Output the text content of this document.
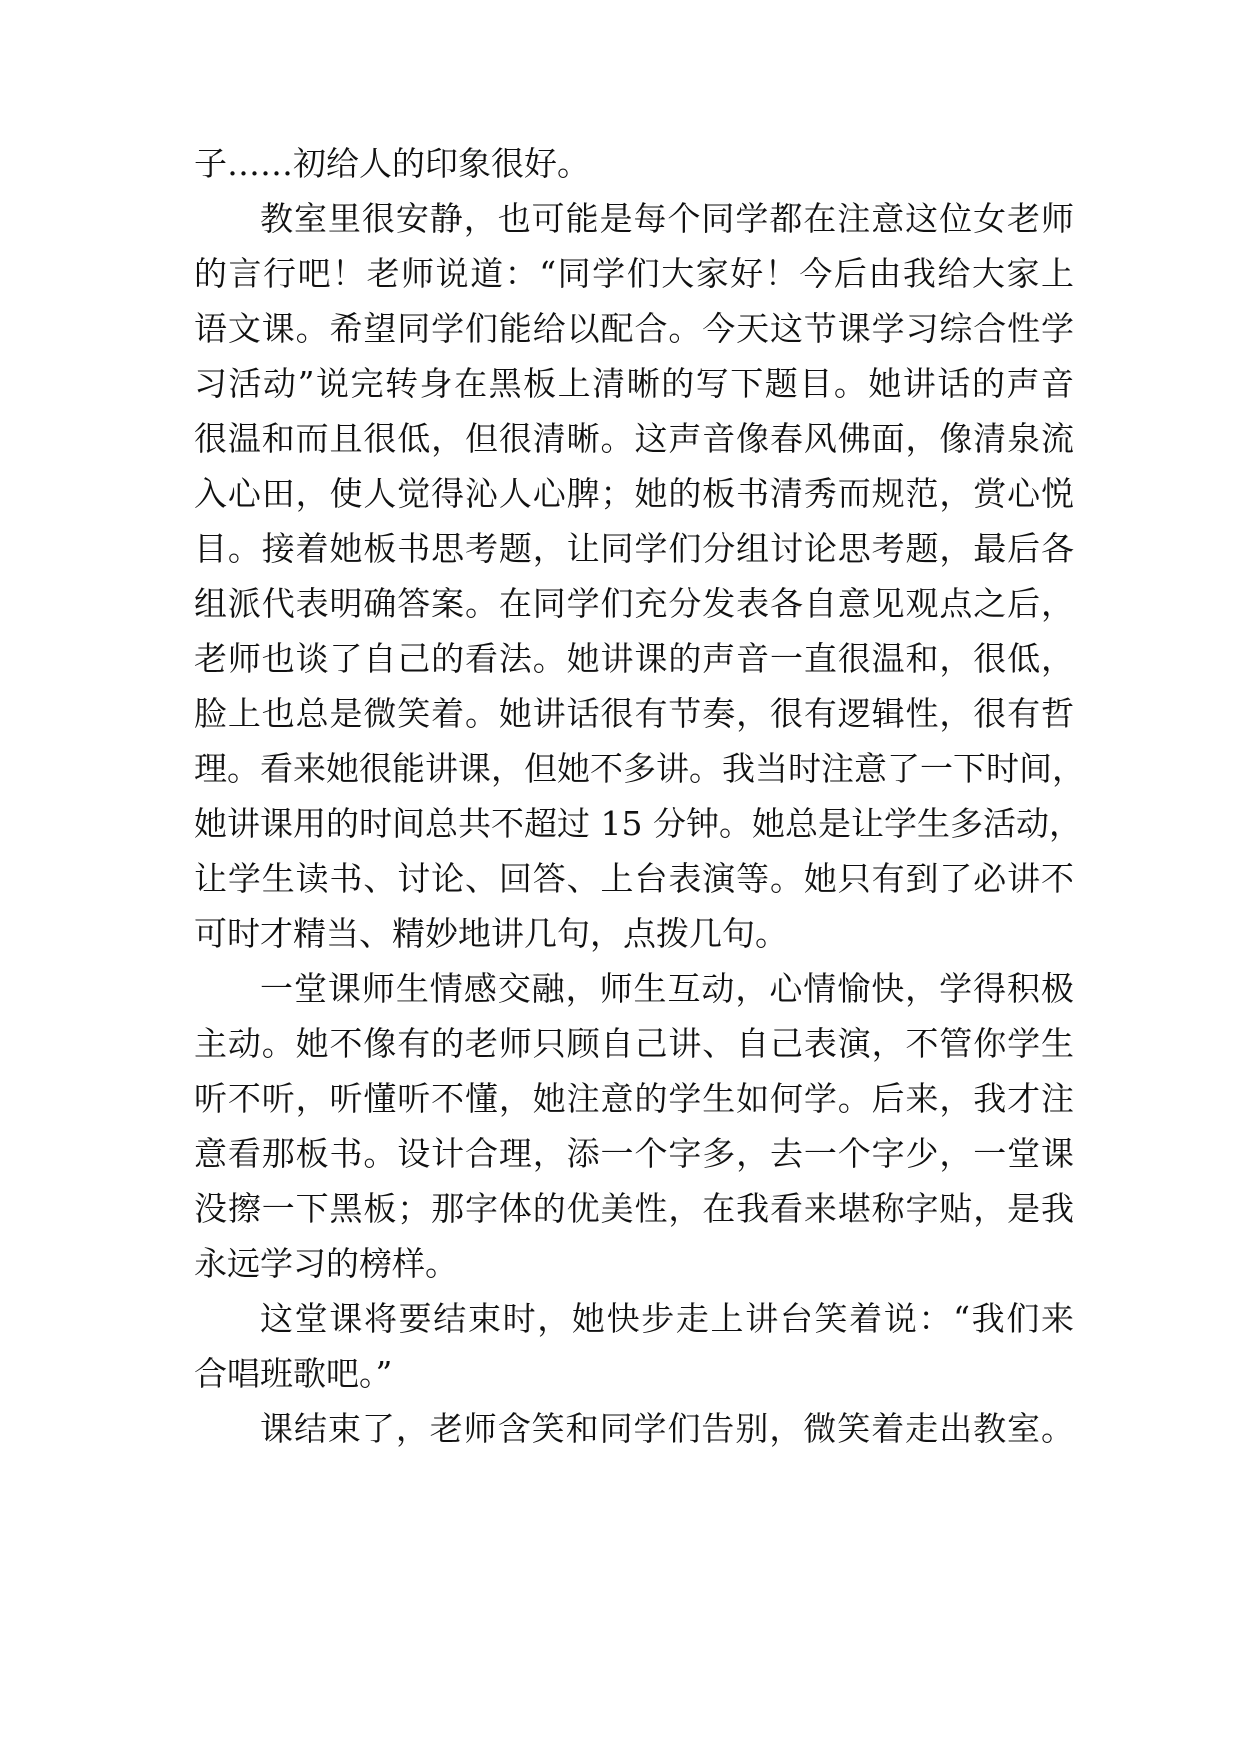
子……初给人的印象很好。
教室里很安静，也可能是每个同学都在注意这位女老师
的言行吧！老师说道：“同学们大家好！今后由我给大家上
语文课。希望同学们能给以配合。今天这节课学习综合性学
习活动”说完转身在黑板上清晰的写下题目。她讲话的声音
很温和而且很低，但很清晰。这声音像春风佛面，像清泉流
入心田，使人觉得沁人心脾；她的板书清秀而规范，赏心悦
目。接着她板书思考题，让同学们分组讨论思考题，最后各
组派代表明确答案。在同学们充分发表各自意见观点之后，
老师也谈了自己的看法。她讲课的声音一直很温和，很低，
脸上也总是微笑着。她讲话很有节奏，很有逻辑性，很有哲
理。看来她很能讲课，但她不多讲。我当时注意了一下时间，
她讲课用的时间总共不超过 15 分钟。她总是让学生多活动，
让学生读书、讨论、回答、上台表演等。她只有到了必讲不
可时才精当、精妙地讲几句，点拨几句。
一堂课师生情感交融，师生互动，心情愉快，学得积极
主动。她不像有的老师只顾自己讲、自己表演，不管你学生
听不听，听懂听不懂，她注意的学生如何学。后来，我才注
意看那板书。设计合理，添一个字多，去一个字少，一堂课
没擦一下黑板；那字体的优美性，在我看来堪称字贴，是我
永远学习的榜样。
这堂课将要结束时，她快步走上讲台笑着说：“我们来
合唱班歌吧。”
课结束了，老师含笑和同学们告别，微笑着走出教室。
